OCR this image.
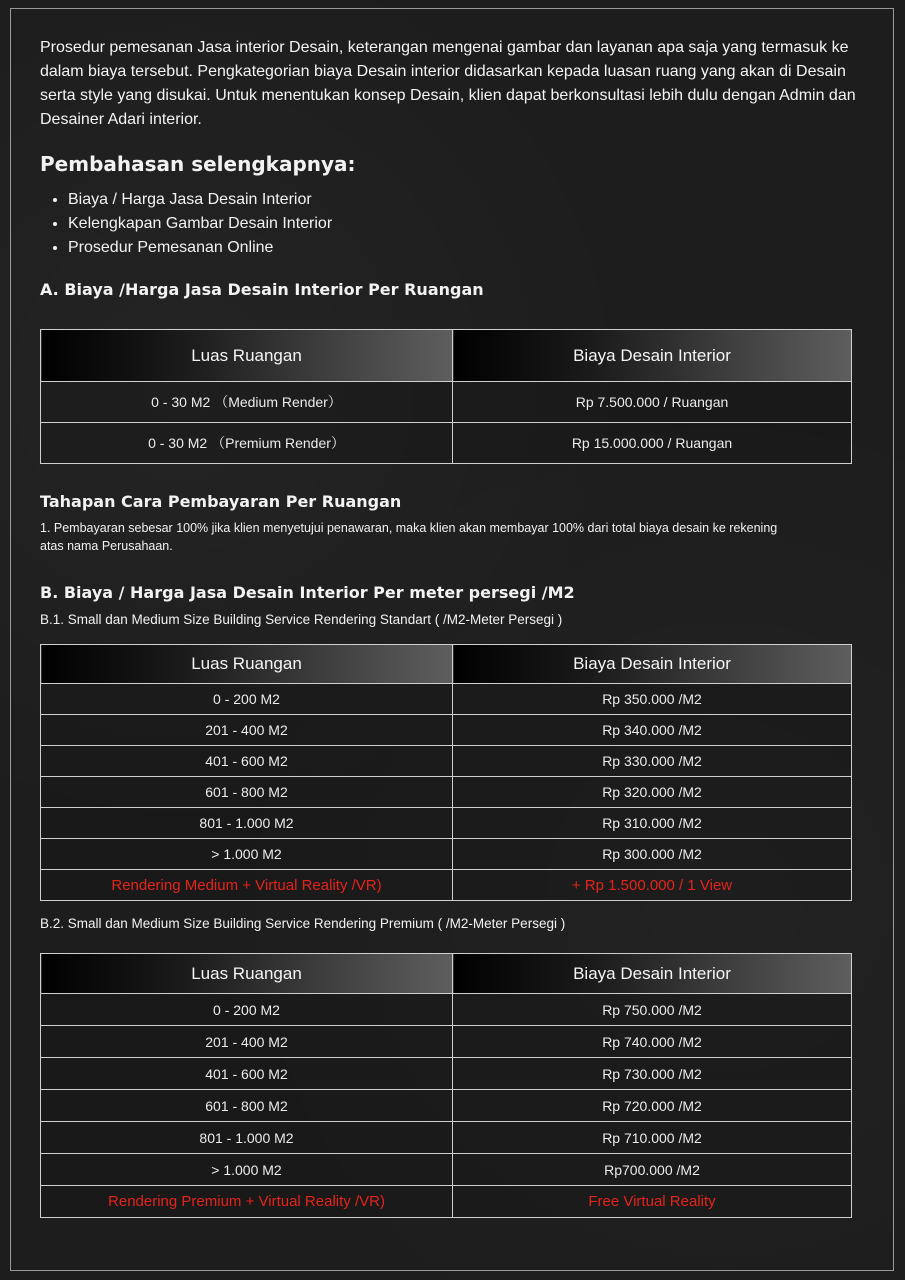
Prosedur pemesanan Jasa interior Desain, keterangan mengenai gambar dan layanan apa saja yang termasuk ke dalam biaya tersebut. Pengkategorian biaya Desain interior didasarkan kepada luasan ruang yang akan di Desain serta style yang disukai. Untuk menentukan konsep Desain, klien dapat berkonsultasi lebih dulu dengan Admin dan Desainer Adari interior.

Pembahasan selengkapnya:
• Biaya / Harga Jasa Desain Interior
• Kelengkapan Gambar Desain Interior
• Prosedur Pemesanan Online
A. Biaya /Harga Jasa Desain Interior Per Ruangan
Luas Ruangan	Biaya Desain Interior
0 - 30 M2 （Medium Render）	Rp 7.500.000 / Ruangan
0 - 30 M2 （Premium Render）	Rp 15.000.000 / Ruangan
Tahapan Cara Pembayaran Per Ruangan

1. Pembayaran sebesar 100% jika klien menyetujui penawaran, maka klien akan membayar 100% dari total biaya desain ke rekening atas nama Perusahaan.

B. Biaya / Harga Jasa Desain Interior Per meter persegi /M2

B.1. Small dan Medium Size Building Service Rendering Standart ( /M2-Meter Persegi )

Luas Ruangan	Biaya Desain Interior
0 - 200 M2	Rp 350.000 /M2
201 - 400 M2	Rp 340.000 /M2
401 - 600 M2	Rp 330.000 /M2
601 - 800 M2	Rp 320.000 /M2
801 - 1.000 M2	Rp 310.000 /M2
> 1.000 M2	Rp 300.000 /M2
Rendering Medium + Virtual Reality /VR)	+ Rp 1.500.000 / 1 View

B.2. Small dan Medium Size Building Service Rendering Premium ( /M2-Meter Persegi )

Luas Ruangan	Biaya Desain Interior
0 - 200 M2	Rp 750.000 /M2
201 - 400 M2	Rp 740.000 /M2
401 - 600 M2	Rp 730.000 /M2
601 - 800 M2	Rp 720.000 /M2
801 - 1.000 M2	Rp 710.000 /M2
> 1.000 M2	Rp700.000 /M2
Rendering Premium + Virtual Reality /VR)	Free Virtual Reality
